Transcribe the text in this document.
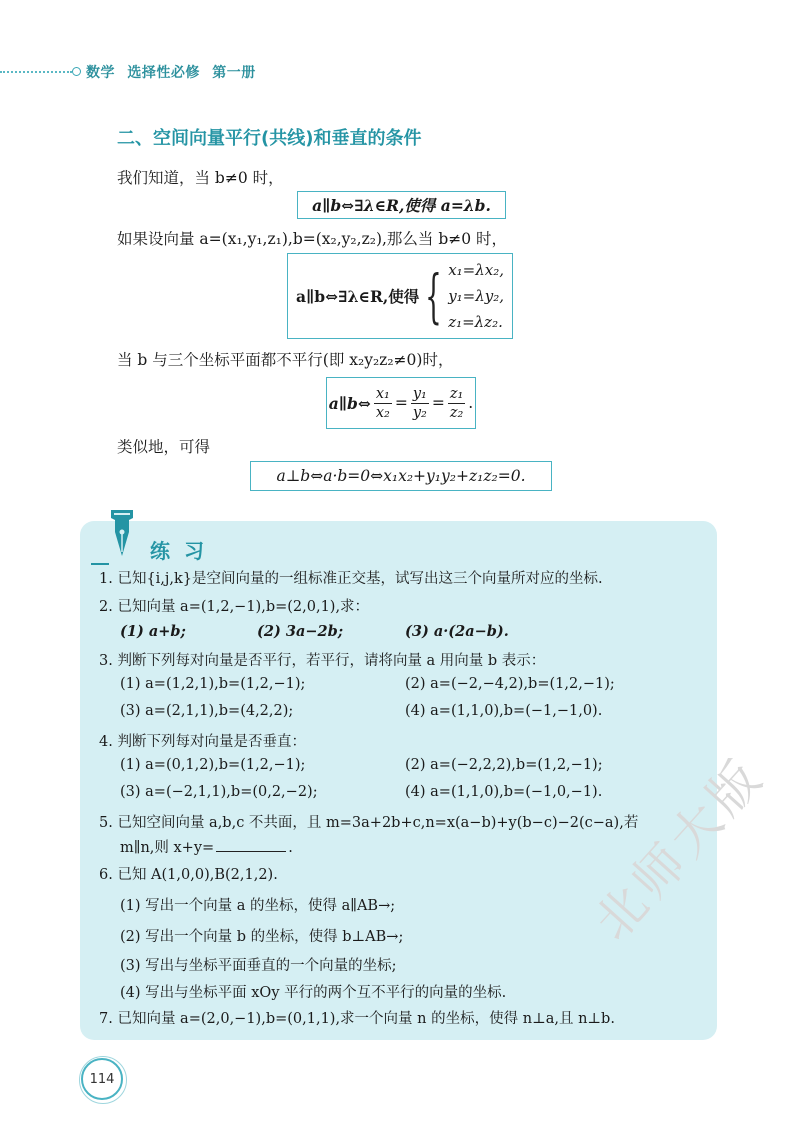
数学 选择性必修 第一册
二、空间向量平行(共线)和垂直的条件
我们知道，当 b≠0 时，
a∥b⇔∃λ∈R,使得 a=λb.
如果设向量 a=(x₁,y₁,z₁),b=(x₂,y₂,z₂),那么当 b≠0 时，
a∥b⇔∃λ∈R,使得 { x₁=λx₂,
y₁=λy₂,
z₁=λz₂.
当 b 与三个坐标平面都不平行(即 x₂y₂z₂≠0)时，
a∥b⇔ $\frac{\text{x₁}}{\text{x₂}} = \frac{\text{y₁}}{\text{y₂}} = \frac{\text{z₁}}{\text{z₂}}$ .
类似地，可得
a⊥b⇔a·b=0⇔x₁x₂+y₁y₂+z₁z₂=0.
练习
1. 已知{i,j,k}是空间向量的一组标准正交基，试写出这三个向量所对应的坐标.
2. 已知向量 a=(1,2,−1),b=(2,0,1),求：
(1) a+b;	(2) 3a−2b;	(3) a·(2a−b).
3. 判断下列每对向量是否平行，若平行，请将向量 a 用向量 b 表示：
(1) a=(1,2,1),b=(1,2,−1);	(2) a=(−2,−4,2),b=(1,2,−1);
(3) a=(2,1,1),b=(4,2,2);	(4) a=(1,1,0),b=(−1,−1,0).
4. 判断下列每对向量是否垂直：
(1) a=(0,1,2),b=(1,2,−1);	(2) a=(−2,2,2),b=(1,2,−1);
(3) a=(−2,1,1),b=(0,2,−2);	(4) a=(1,1,0),b=(−1,0,−1).
5. 已知空间向量 a,b,c 不共面，且 m=3a+2b+c,n=x(a−b)+y(b−c)−2(c−a),若
m∥n,则 x+y=	.
6. 已知 A(1,0,0),B(2,1,2).
(1) 写出一个向量 a 的坐标，使得 a∥AB→;
(2) 写出一个向量 b 的坐标，使得 b⊥AB→;
(3) 写出与坐标平面垂直的一个向量的坐标;
(4) 写出与坐标平面 xOy 平行的两个互不平行的向量的坐标.
7. 已知向量 a=(2,0,−1),b=(0,1,1),求一个向量 n 的坐标，使得 n⊥a,且 n⊥b.
114
北师大版
